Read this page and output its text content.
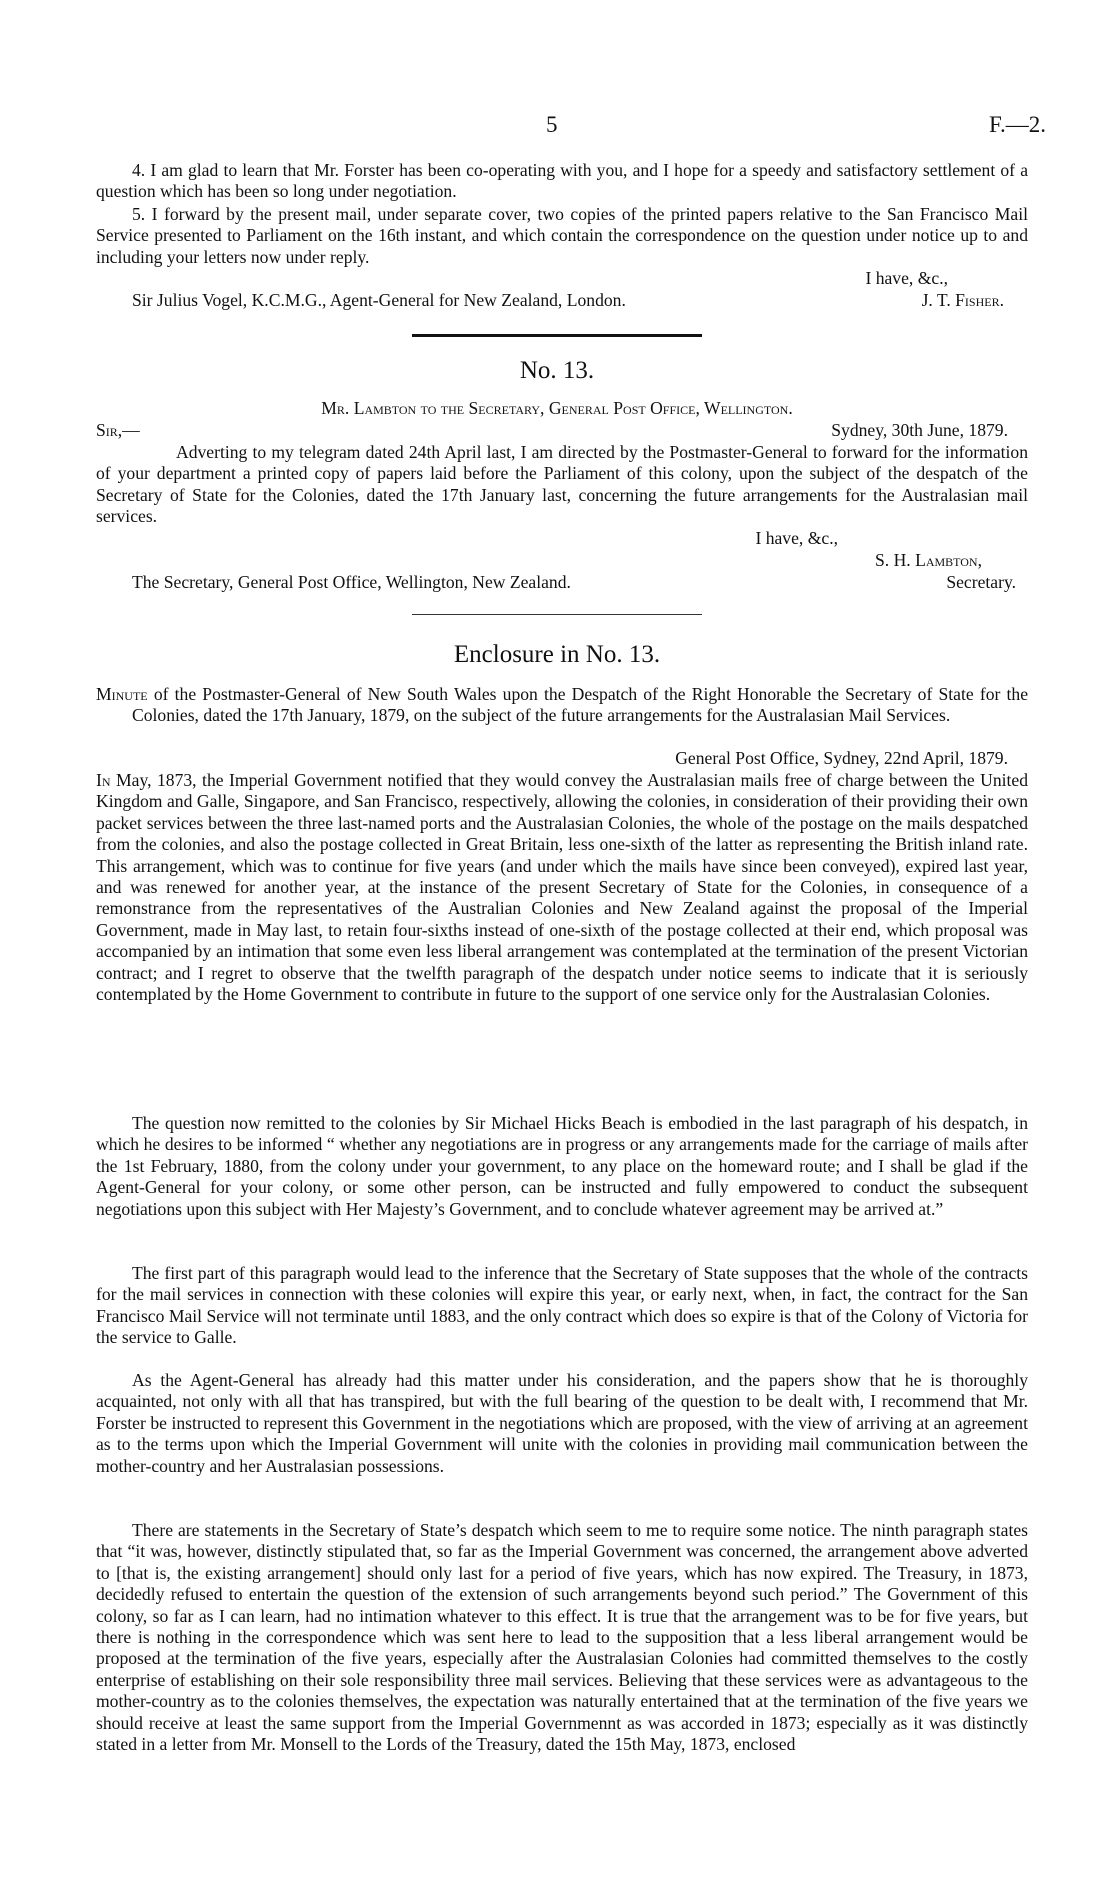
5	F.—2.

4. I am glad to learn that Mr. Forster has been co-operating with you, and I hope for a speedy and satisfactory settlement of a question which has been so long under negotiation.

5. I forward by the present mail, under separate cover, two copies of the printed papers relative to the San Francisco Mail Service presented to Parliament on the 16th instant, and which contain the correspondence on the question under notice up to and including your letters now under reply.

I have, &c.,
Sir Julius Vogel, K.C.M.G., Agent-General for New Zealand, London.	J. T. Fisher.
No. 13.
Mr. Lambton to the Secretary, General Post Office, Wellington.
Sir,—	Sydney, 30th June, 1879.

Adverting to my telegram dated 24th April last, I am directed by the Postmaster-General to forward for the information of your department a printed copy of papers laid before the Parliament of this colony, upon the subject of the despatch of the Secretary of State for the Colonies, dated the 17th January last, concerning the future arrangements for the Australasian mail services.

I have, &c.,
S. H. Lambton,
The Secretary, General Post Office, Wellington, New Zealand.	Secretary.
Enclosure in No. 13.

Minute of the Postmaster-General of New South Wales upon the Despatch of the Right Honorable the Secretary of State for the Colonies, dated the 17th January, 1879, on the subject of the future arrangements for the Australasian Mail Services.

General Post Office, Sydney, 22nd April, 1879.

In May, 1873, the Imperial Government notified that they would convey the Australasian mails free of charge between the United Kingdom and Galle, Singapore, and San Francisco, respectively, allowing the colonies, in consideration of their providing their own packet services between the three last-named ports and the Australasian Colonies, the whole of the postage on the mails despatched from the colonies, and also the postage collected in Great Britain, less one-sixth of the latter as representing the British inland rate. This arrangement, which was to continue for five years (and under which the mails have since been conveyed), expired last year, and was renewed for another year, at the instance of the present Secretary of State for the Colonies, in consequence of a remonstrance from the representatives of the Australian Colonies and New Zealand against the proposal of the Imperial Government, made in May last, to retain four-sixths instead of one-sixth of the postage collected at their end, which proposal was accompanied by an intimation that some even less liberal arrangement was contemplated at the termination of the present Victorian contract; and I regret to observe that the twelfth paragraph of the despatch under notice seems to indicate that it is seriously contemplated by the Home Government to contribute in future to the support of one service only for the Australasian Colonies.

The question now remitted to the colonies by Sir Michael Hicks Beach is embodied in the last paragraph of his despatch, in which he desires to be informed “ whether any negotiations are in progress or any arrangements made for the carriage of mails after the 1st February, 1880, from the colony under your government, to any place on the homeward route; and I shall be glad if the Agent-General for your colony, or some other person, can be instructed and fully empowered to conduct the subsequent negotiations upon this subject with Her Majesty’s Government, and to conclude whatever agreement may be arrived at.”

The first part of this paragraph would lead to the inference that the Secretary of State supposes that the whole of the contracts for the mail services in connection with these colonies will expire this year, or early next, when, in fact, the contract for the San Francisco Mail Service will not terminate until 1883, and the only contract which does so expire is that of the Colony of Victoria for the service to Galle.

As the Agent-General has already had this matter under his consideration, and the papers show that he is thoroughly acquainted, not only with all that has transpired, but with the full bearing of the question to be dealt with, I recommend that Mr. Forster be instructed to represent this Government in the negotiations which are proposed, with the view of arriving at an agreement as to the terms upon which the Imperial Government will unite with the colonies in providing mail communication between the mother-country and her Australasian possessions.

There are statements in the Secretary of State’s despatch which seem to me to require some notice. The ninth paragraph states that “it was, however, distinctly stipulated that, so far as the Imperial Government was concerned, the arrangement above adverted to [that is, the existing arrangement] should only last for a period of five years, which has now expired. The Treasury, in 1873, decidedly refused to entertain the question of the extension of such arrangements beyond such period.” The Government of this colony, so far as I can learn, had no intimation whatever to this effect. It is true that the arrangement was to be for five years, but there is nothing in the correspondence which was sent here to lead to the supposition that a less liberal arrangement would be proposed at the termination of the five years, especially after the Australasian Colonies had committed themselves to the costly enterprise of establishing on their sole responsibility three mail services. Believing that these services were as advantageous to the mother-country as to the colonies themselves, the expectation was naturally entertained that at the termination of the five years we should receive at least the same support from the Imperial Governmennt as was accorded in 1873; especially as it was distinctly stated in a letter from Mr. Monsell to the Lords of the Treasury, dated the 15th May, 1873, enclosed
